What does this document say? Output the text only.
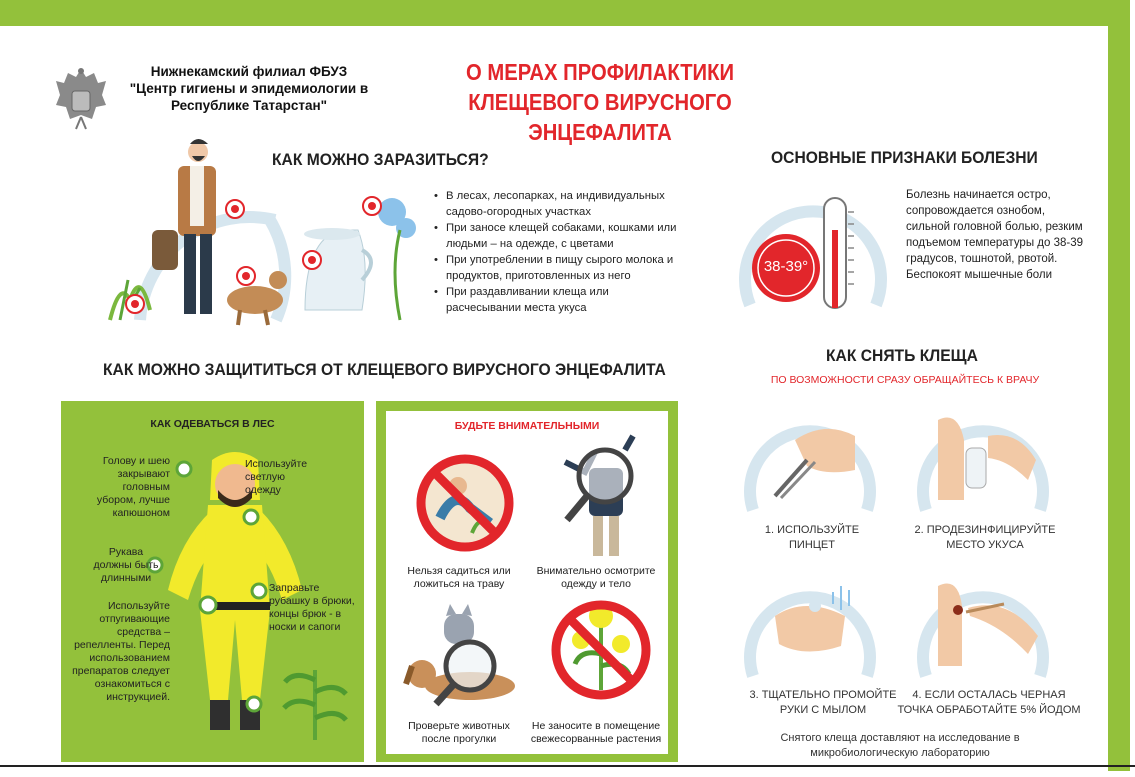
Нижнекамский филиал ФБУЗ
"Центр гигиены и эпидемиологии в
Республике Татарстан"
О МЕРАХ ПРОФИЛАКТИКИ
КЛЕЩЕВОГО ВИРУСНОГО ЭНЦЕФАЛИТА
КАК МОЖНО ЗАРАЗИТЬСЯ?
• В лесах, лесопарках, на индивидуальных садово-огородных участках
• При заносе клещей собаками, кошками или людьми – на одежде, с цветами
• При употреблении в пищу сырого молока и продуктов, приготовленных из него
• При раздавливании клеща или расчесывании места укуса
ОСНОВНЫЕ ПРИЗНАКИ БОЛЕЗНИ
38-39°
Болезнь начинается остро, сопровождается ознобом, сильной головной болью, резким подъемом температуры до 38-39 градусов, тошнотой, рвотой. Беспокоят мышечные боли
КАК МОЖНО ЗАЩИТИТЬСЯ ОТ КЛЕЩЕВОГО ВИРУСНОГО ЭНЦЕФАЛИТА
КАК ОДЕВАТЬСЯ В ЛЕС
Голову и шею закрывают головным убором, лучше капюшоном
Используйте светлую одежду
Рукава должны быть длинными
Заправьте рубашку в брюки, концы брюк - в носки и сапоги
Используйте отпугивающие средства – репелленты. Перед использованием препаратов следует ознакомиться с инструкцией.
БУДЬТЕ ВНИМАТЕЛЬНЫМИ
Нельзя садиться или ложиться на траву
Внимательно осмотрите одежду и тело
Проверьте животных после прогулки
Не заносите в помещение свежесорванные растения
КАК СНЯТЬ КЛЕЩА
ПО ВОЗМОЖНОСТИ СРАЗУ ОБРАЩАЙТЕСЬ К ВРАЧУ
1. ИСПОЛЬЗУЙТЕ ПИНЦЕТ
2. ПРОДЕЗИНФИЦИРУЙТЕ МЕСТО УКУСА
3. ТЩАТЕЛЬНО ПРОМОЙТЕ РУКИ С МЫЛОМ
4. ЕСЛИ ОСТАЛАСЬ ЧЕРНАЯ ТОЧКА ОБРАБОТАЙТЕ 5% ЙОДОМ
Снятого клеща доставляют на исследование в микробиологическую лабораторию
